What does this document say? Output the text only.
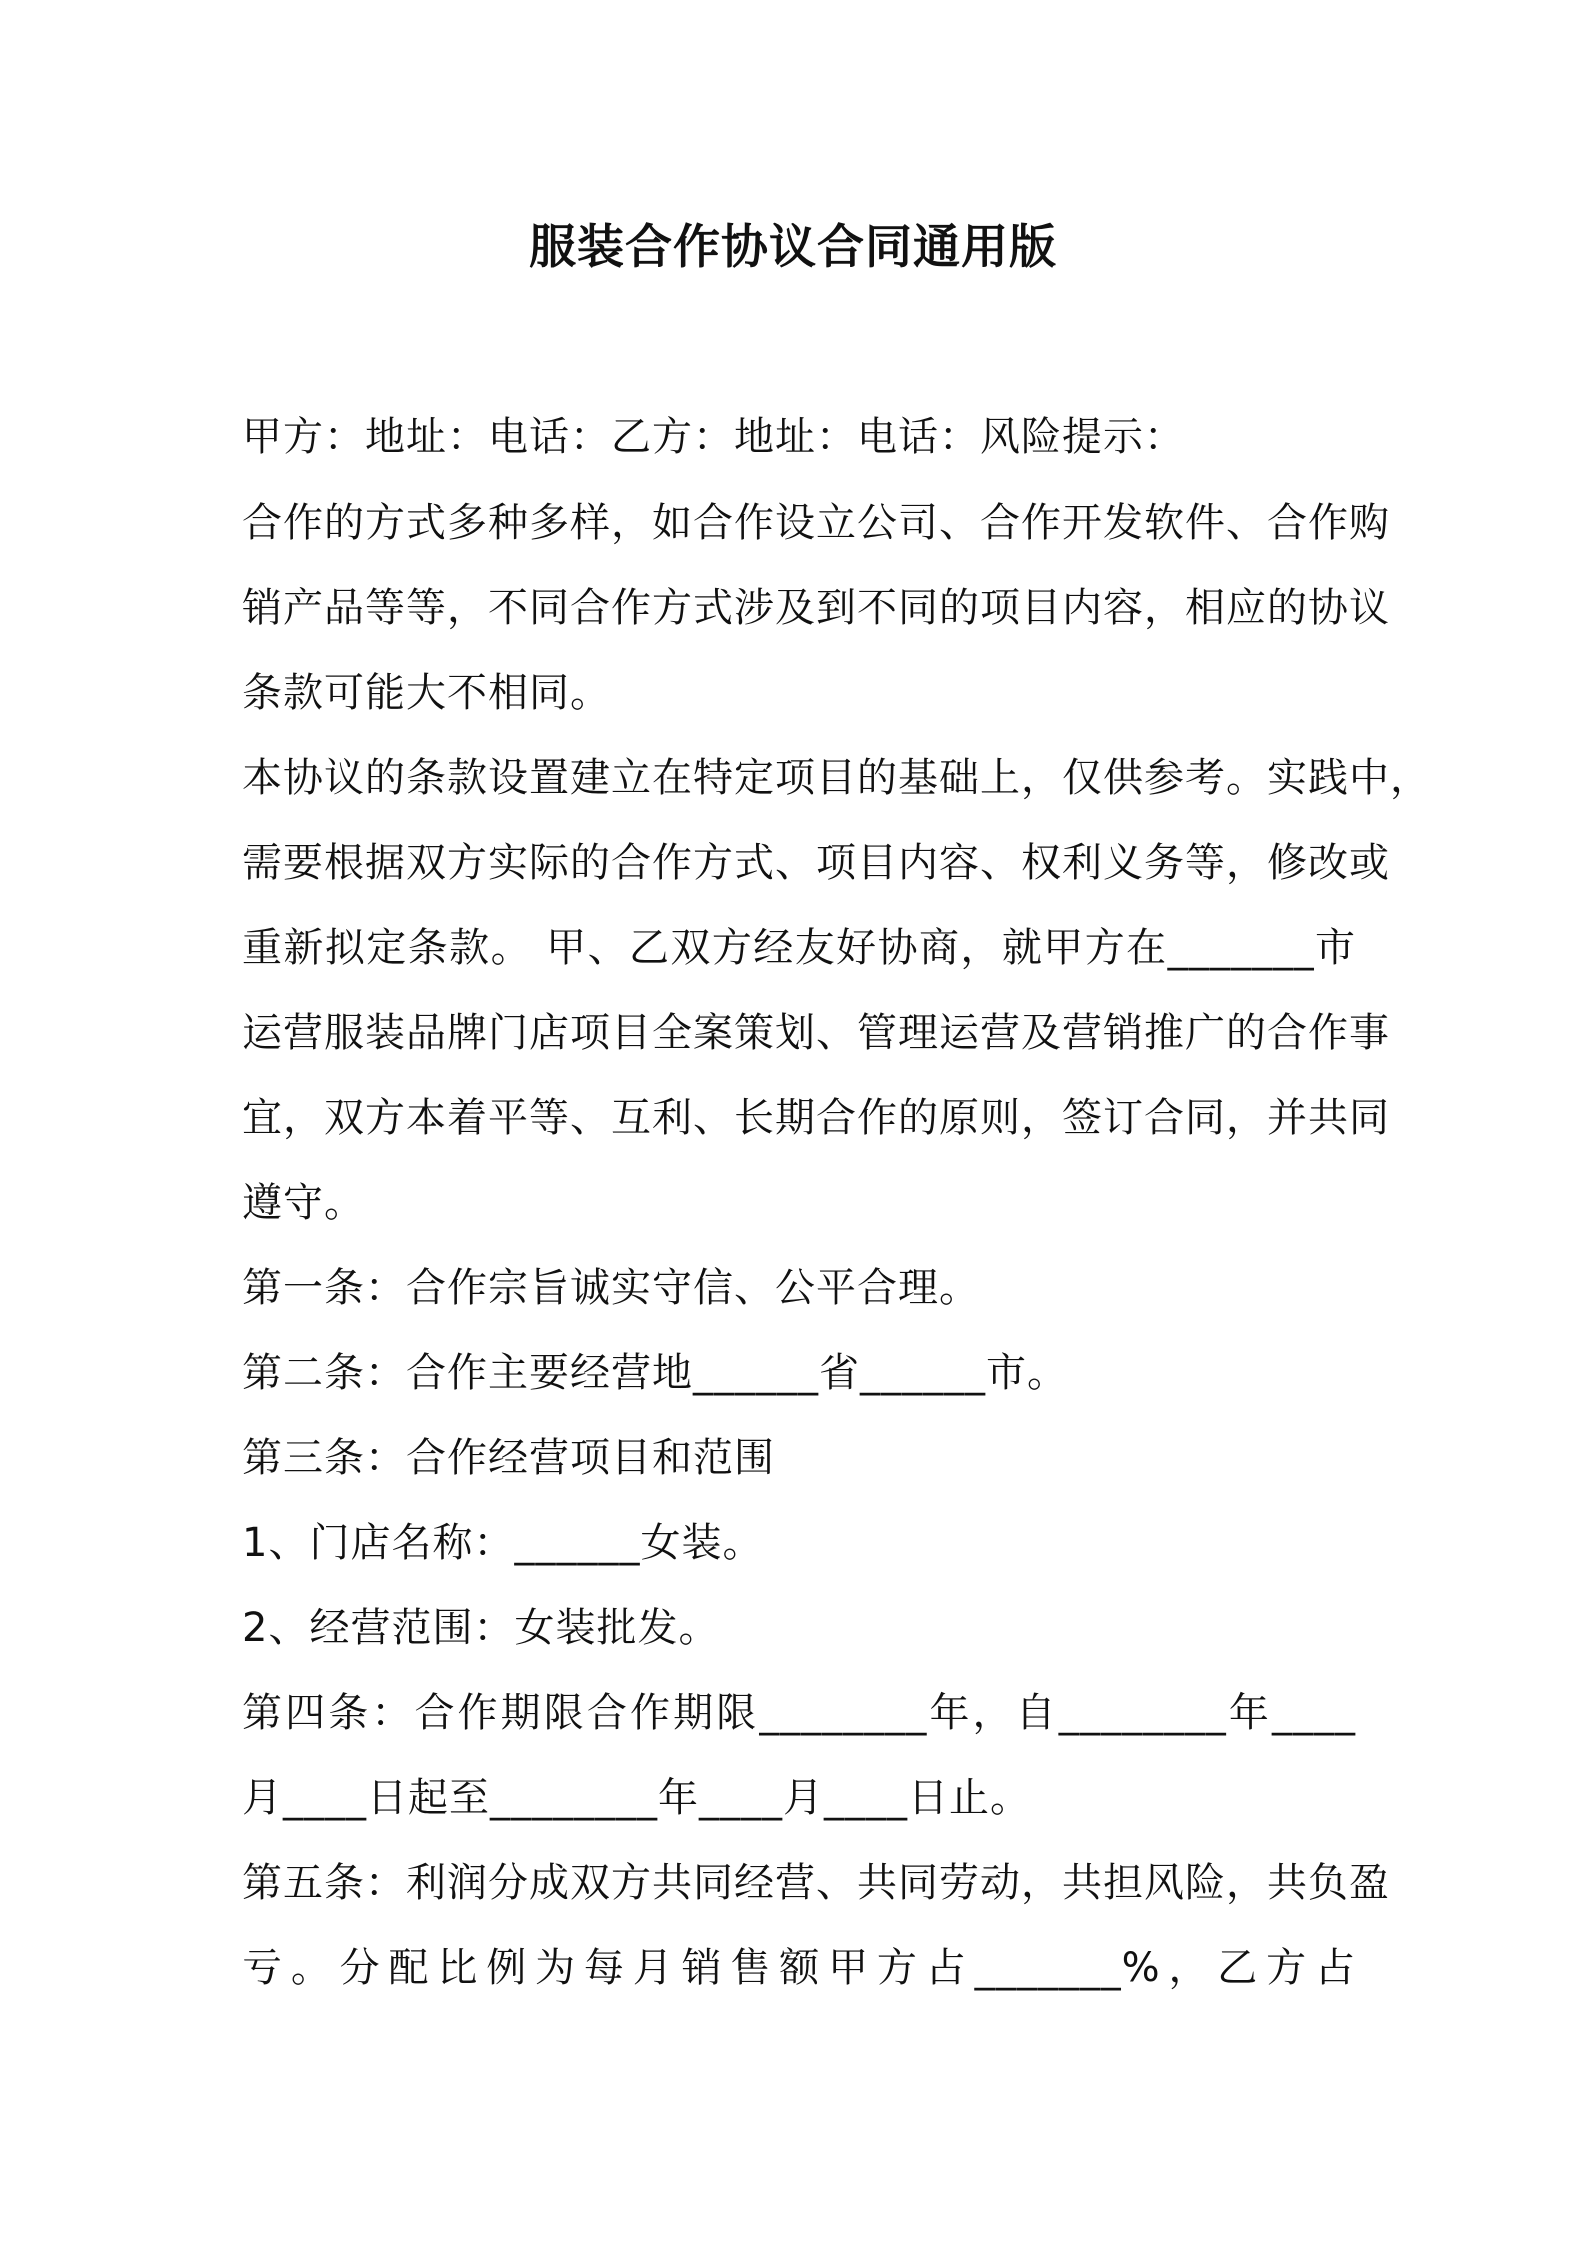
服装合作协议合同通用版
甲方：地址：电话：乙方：地址：电话：风险提示：
合作的方式多种多样，如合作设立公司、合作开发软件、合作购
销产品等等，不同合作方式涉及到不同的项目内容，相应的协议
条款可能大不相同。
本协议的条款设置建立在特定项目的基础上，仅供参考。实践中，
需要根据双方实际的合作方式、项目内容、权利义务等，修改或
重新拟定条款。 甲、乙双方经友好协商，就甲方在_______市
运营服装品牌门店项目全案策划、管理运营及营销推广的合作事
宜，双方本着平等、互利、长期合作的原则，签订合同，并共同
遵守。
第一条：合作宗旨诚实守信、公平合理。
第二条：合作主要经营地______省______市。
第三条：合作经营项目和范围
1、门店名称：______女装。
2、经营范围：女装批发。
第四条：合作期限合作期限________年，自________年____
月____日起至________年____月____日止。
第五条：利润分成双方共同经营、共同劳动，共担风险，共负盈
亏。分配比例为每月销售额甲方占_______%，乙方占
